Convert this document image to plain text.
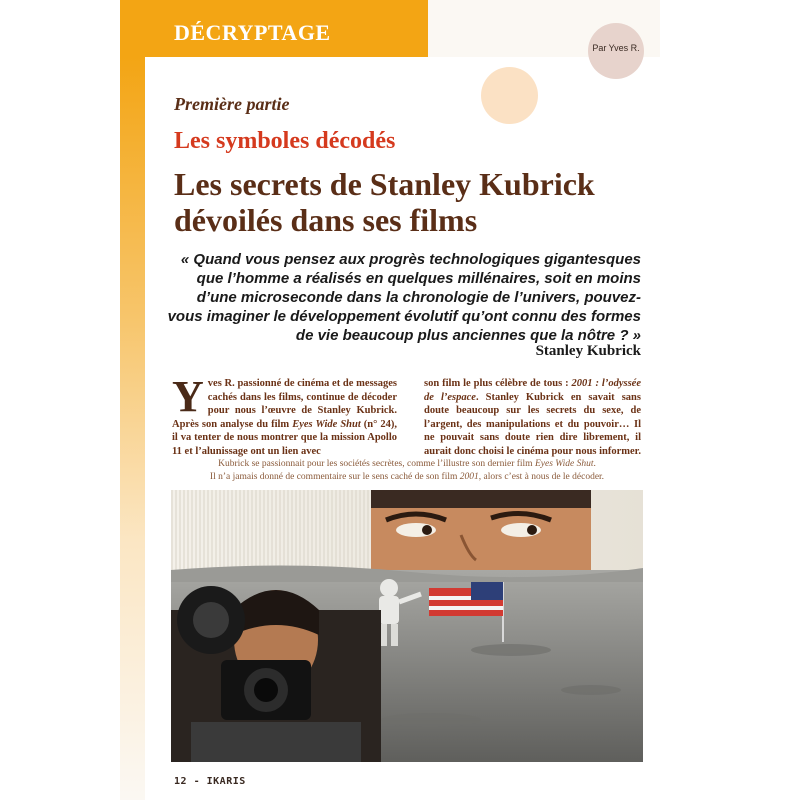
DÉCRYPTAGE
Par Yves R.
Première partie
Les symboles décodés
Les secrets de Stanley Kubrick dévoilés dans ses films

« Quand vous pensez aux progrès technologiques gigantesques que l’homme a réalisés en quelques millénaires, soit en moins d’une microseconde dans la chronologie de l’univers, pouvez-vous imaginer le développement évolutif qu’ont connu des formes de vie beaucoup plus anciennes que la nôtre ? »

Stanley Kubrick

Yves R. passionné de cinéma et de messages cachés dans les films, continue de décoder pour nous l’œuvre de Stanley Kubrick. Après son analyse du film Eyes Wide Shut (n° 24), il va tenter de nous montrer que la mission Apollo 11 et l’alunissage ont un lien avec

son film le plus célèbre de tous : 2001 : l’odyssée de l’espace. Stanley Kubrick en savait sans doute beaucoup sur les secrets du sexe, de l’argent, des manipulations et du pouvoir… Il ne pouvait sans doute rien dire librement, il aurait donc choisi le cinéma pour nous informer.

Kubrick se passionnait pour les sociétés secrètes, comme l’illustre son dernier film Eyes Wide Shut.
Il n’a jamais donné de commentaire sur le sens caché de son film 2001, alors c’est à nous de le décoder.

12 - IKARIS
